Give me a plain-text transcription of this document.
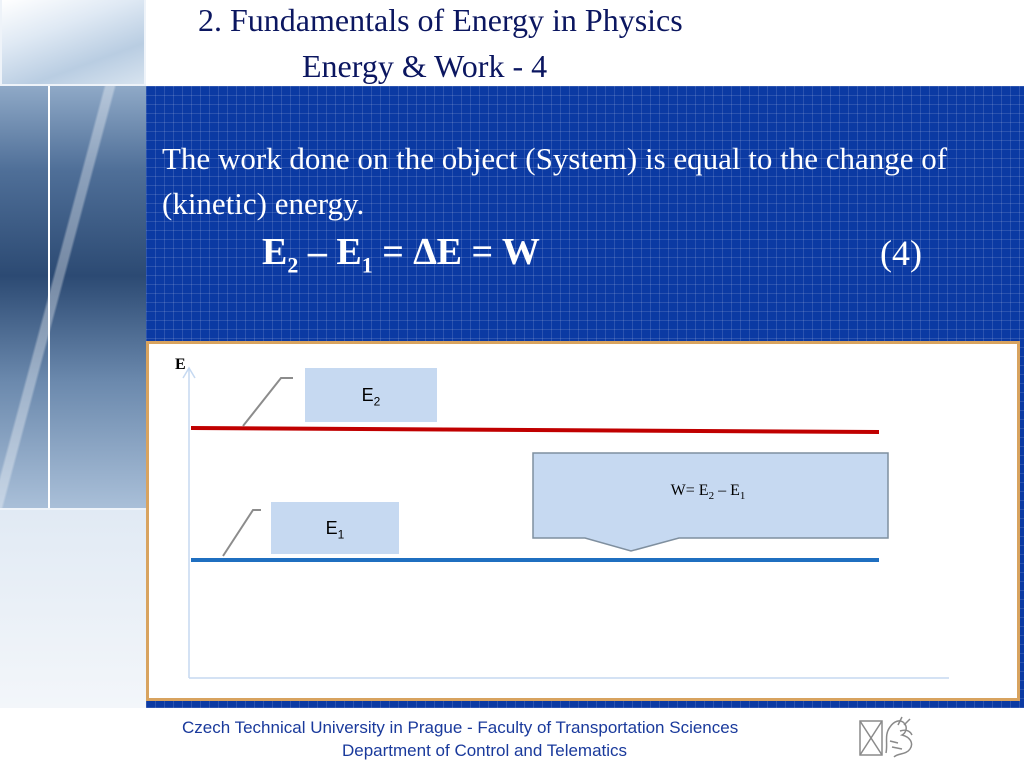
2. Fundamentals of Energy in Physics
Energy & Work - 4
The work done on the object (System) is equal to the change of (kinetic) energy.
$E_2 - E_1 = \Delta E = W$	(4)
E
$E_2$
$E_1$
$W= E_2 - E_1$
Czech Technical University in Prague - Faculty of Transportation Sciences
Department of Control and Telematics
